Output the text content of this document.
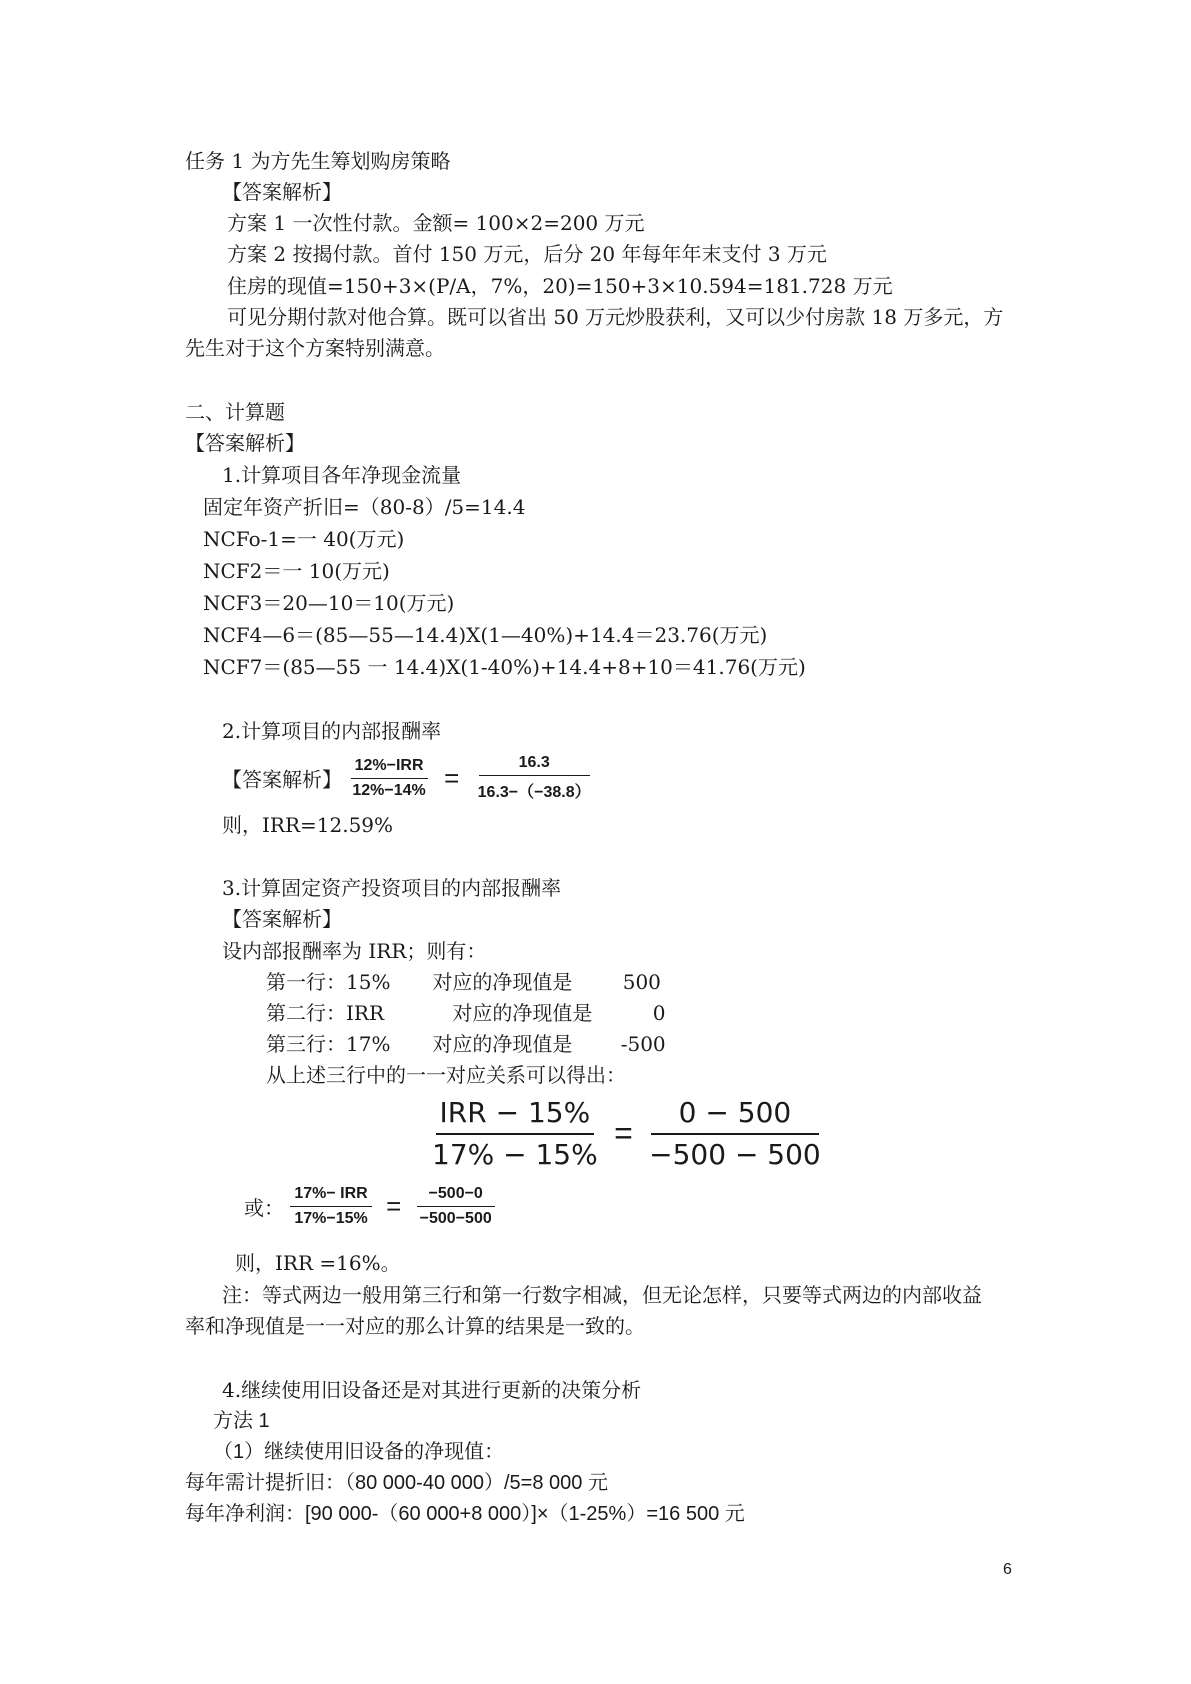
任务 1 为方先生筹划购房策略
【答案解析】
方案 1 一次性付款。金额= 100×2=200 万元
方案 2 按揭付款。首付 150 万元，后分 20 年每年年末支付 3 万元
住房的现值=150+3×(P/A，7%，20)=150+3×10.594=181.728 万元
可见分期付款对他合算。既可以省出 50 万元炒股获利，又可以少付房款 18 万多元，方
先生对于这个方案特别满意。
二、计算题
【答案解析】
1.计算项目各年净现金流量
固定年资产折旧=（80-8）/5=14.4
NCFo-1=一 40(万元)
NCF2＝一 10(万元)
NCF3＝20—10＝10(万元)
NCF4—6＝(85—55—14.4)X(1—40%)+14.4＝23.76(万元)
NCF7＝(85—55 一 14.4)X(1-40%)+14.4+8+10＝41.76(万元)
2.计算项目的内部报酬率
【答案解析】 $\frac{\text{12\%−IRR}}{12\%-14\%} = \frac{16.3}{16.3-(-38.8)}$
则，IRR=12.59%
3.计算固定资产投资项目的内部报酬率
【答案解析】
设内部报酬率为 IRR；则有：
第一行：15% 对应的净现值是	500
第二行：IRR	对应的净现值是	0
第三行：17% 对应的净现值是 -500
从上述三行中的一一对应关系可以得出：
$\frac{\text{IRR − 15\%}}{17\% - 15\%} = \frac{0 - 500}{-500 - 500}$
或： $\frac{\text{17\%− IRR}}{17\%-15\%} = \frac{-500-0}{-500-500}$
则，IRR =16%。
注：等式两边一般用第三行和第一行数字相减，但无论怎样，只要等式两边的内部收益
率和净现值是一一对应的那么计算的结果是一致的。
4.继续使用旧设备还是对其进行更新的决策分析
方法 1
（1）继续使用旧设备的净现值：
每年需计提折旧：（80 000-40 000）/5=8 000 元
每年净利润：[90 000-（60 000+8 000）]×（1-25%）=16 500 元
6
